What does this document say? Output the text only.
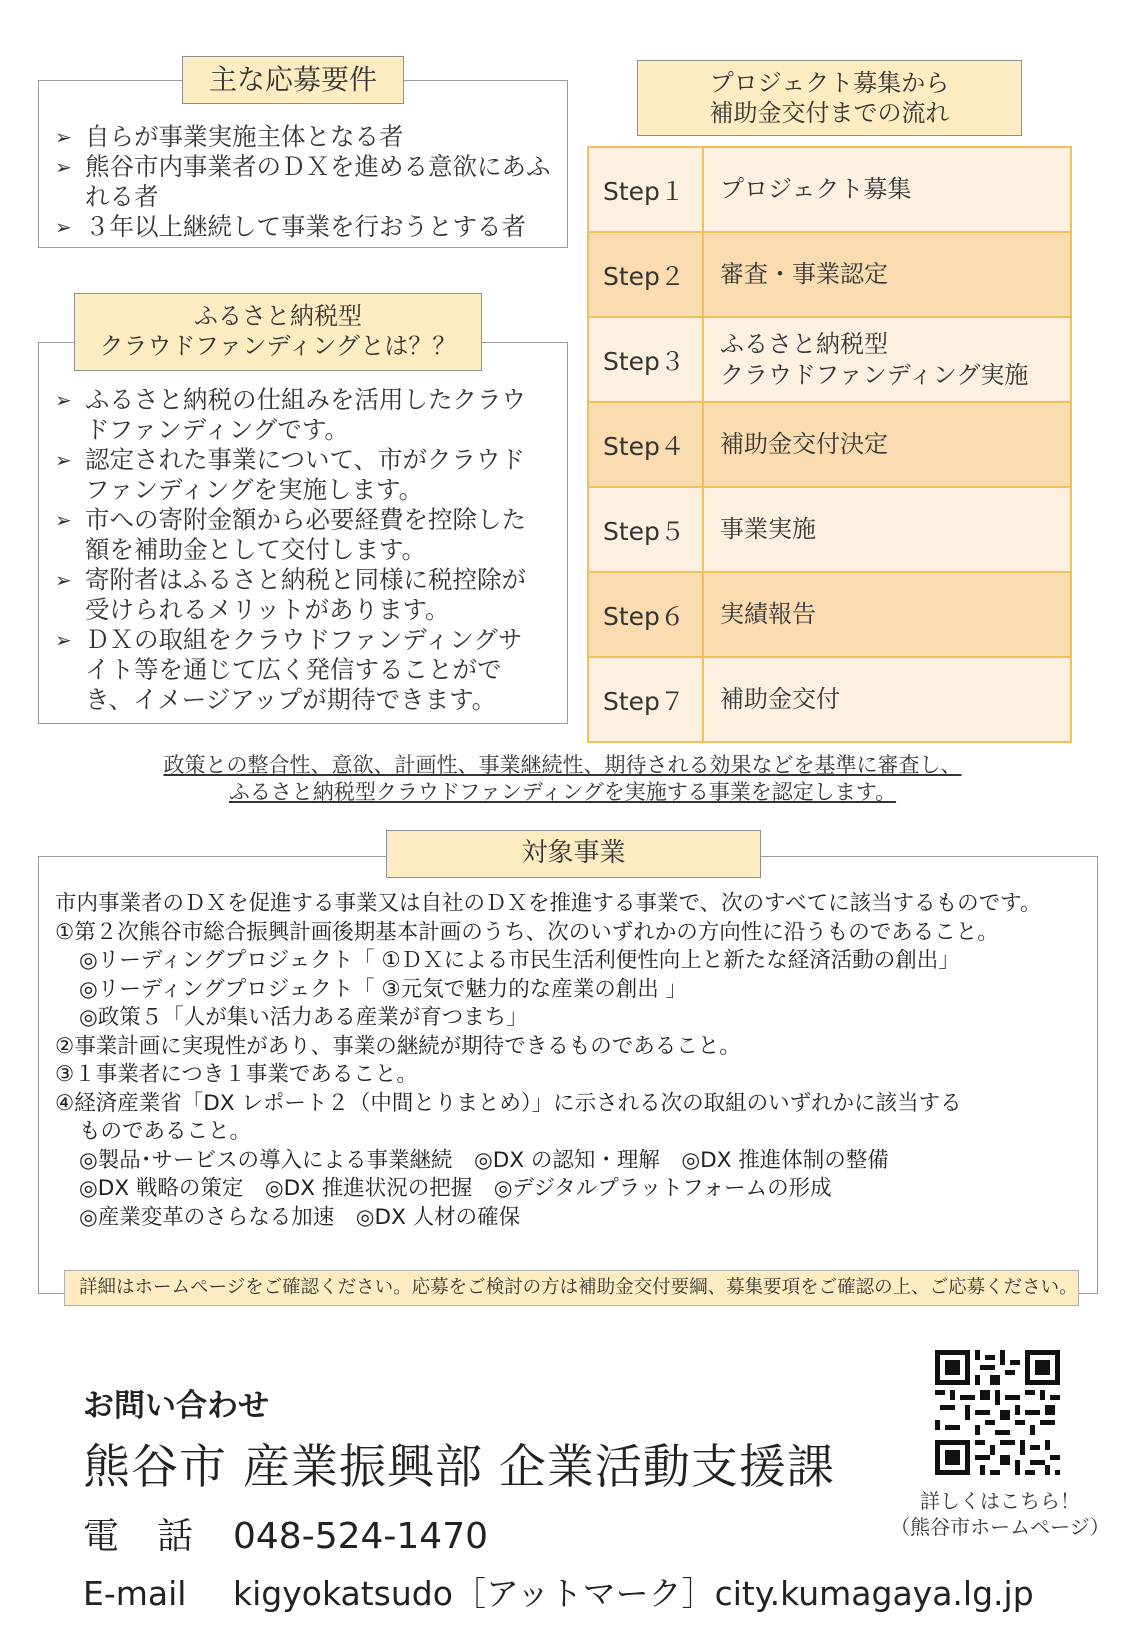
主な応募要件
➢ 自らが事業実施主体となる者
➢ 熊谷市内事業者のＤＸを進める意欲にあふれる者
➢ ３年以上継続して事業を行おうとする者
ふるさと納税型
クラウドファンディングとは？？
➢ ふるさと納税の仕組みを活用したクラウドファンディングです。
➢ 認定された事業について、市がクラウドファンディングを実施します。
➢ 市への寄附金額から必要経費を控除した額を補助金として交付します。
➢ 寄附者はふるさと納税と同様に税控除が受けられるメリットがあります。
➢ ＤＸの取組をクラウドファンディングサイト等を通じて広く発信することができ、イメージアップが期待できます。
プロジェクト募集から
補助金交付までの流れ
Step１	プロジェクト募集

Step２	審査・事業認定

Step３	ふるさと納税型
クラウドファンディング実施

Step４	補助金交付決定

Step５	事業実施

Step６	実績報告

Step７	補助金交付
政策との整合性、意欲、計画性、事業継続性、期待される効果などを基準に審査し、
ふるさと納税型クラウドファンディングを実施する事業を認定します。
対象事業

市内事業者のＤＸを促進する事業又は自社のＤＸを推進する事業で、次のすべてに該当するものです。

①第２次熊谷市総合振興計画後期基本計画のうち、次のいずれかの方向性に沿うものであること。

◎リーディングプロジェクト「 ①ＤＸによる市民生活利便性向上と新たな経済活動の創出」

◎リーディングプロジェクト「 ③元気で魅力的な産業の創出 」

◎政策５「人が集い活力ある産業が育つまち」

②事業計画に実現性があり、事業の継続が期待できるものであること。

③１事業者につき１事業であること。

④経済産業省「DX レポート２（中間とりまとめ）」に示される次の取組のいずれかに該当する

ものであること。

◎製品･サービスの導入による事業継続　◎DX の認知・理解　◎DX 推進体制の整備

◎DX 戦略の策定　◎DX 推進状況の把握　◎デジタルプラットフォームの形成

◎産業変革のさらなる加速　◎DX 人材の確保

詳細はホームページをご確認ください。応募をご検討の方は補助金交付要綱、募集要項をご確認の上、ご応募ください。
お問い合わせ
熊谷市 産業振興部 企業活動支援課
電話048-524-1470
E-mail kigyokatsudo［アットマーク］city.kumagaya.lg.jp
詳しくはこちら！
（熊谷市ホームページ）
